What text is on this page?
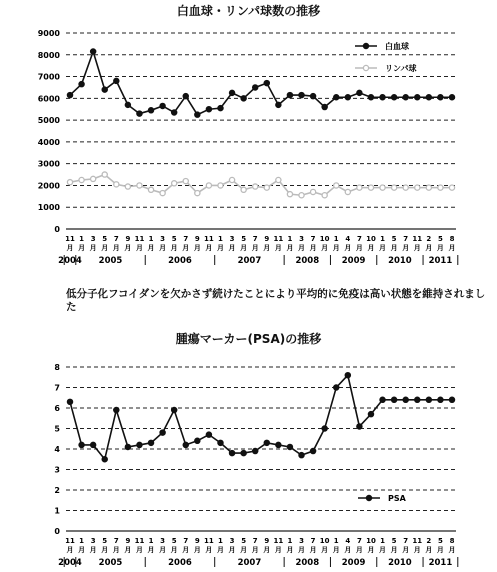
白血球・リンパ球数の推移
0
1000
2000
3000
4000
5000
6000
7000
8000
9000
11
月
1
月
3
月
5
月
7
月
9
月
11
月
1
月
3
月
5
月
7
月
9
月
11
月
1
月
3
月
5
月
7
月
9
月
11
月
1
月
3
月
7
月
10
月
1
月
4
月
7
月
10
月
1
月
5
月
7
月
11
月
2
月
5
月
8
月
2004 2005	2006	2007	2008	2009	2010 2011
白血球
リンパ球
低分子化フコイダンを欠かさず続けたことにより平均的に免疫は高い状態を維持されました
腫瘍マーカー(PSA)の推移
0
1
2
3
4
5
6
7
8
11
月
1
月
3
月
5
月
7
月
9
月
11
月
1
月
3
月
5
月
7
月
9
月
11
月
1
月
3
月
5
月
7
月
9
月
11
月
1
月
3
月
7
月
10
月
1
月
4
月
7
月
10
月
1
月
5
月
7
月
11
月
2
月
5
月
8
月
2004 2005	2006	2007	2008	2009	2010 2011
PSA
